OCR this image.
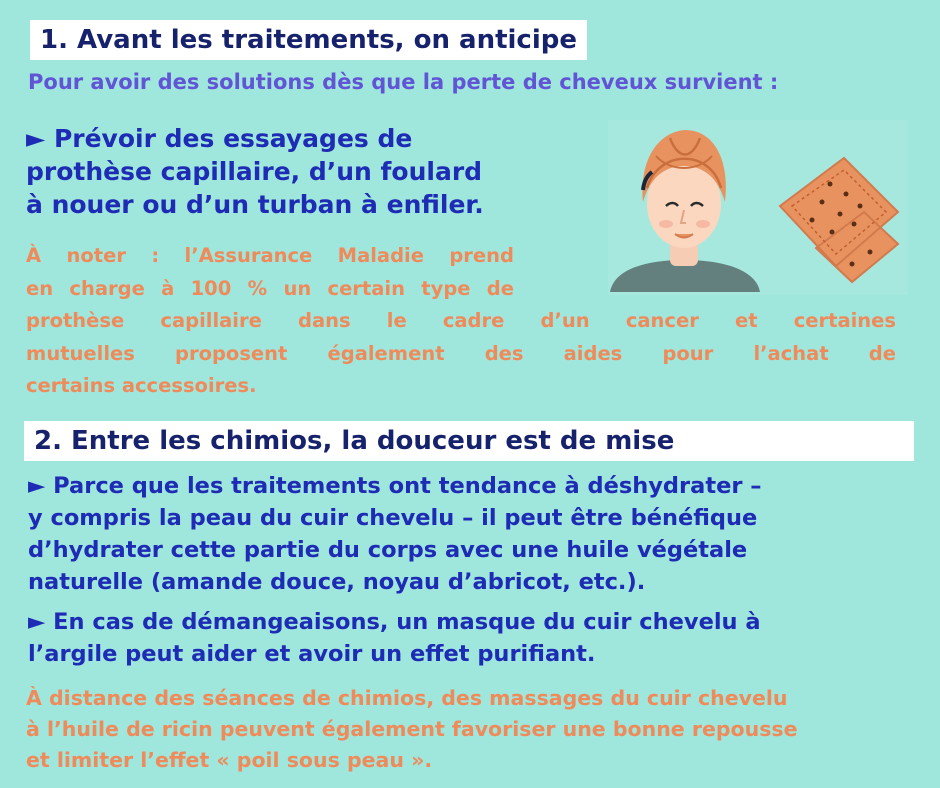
1. Avant les traitements, on anticipe
Pour avoir des solutions dès que la perte de cheveux survient :
► Prévoir des essayages de
prothèse capillaire, d’un foulard
à nouer ou d’un turban à enfiler.
À noter : l’Assurance Maladie prend
en charge à 100 % un certain type de
prothèse capillaire dans le cadre d’un cancer et certaines
mutuelles proposent également des aides pour l’achat de
certains accessoires.
2. Entre les chimios, la douceur est de mise
► Parce que les traitements ont tendance à déshydrater –
y compris la peau du cuir chevelu – il peut être bénéfique
d’hydrater cette partie du corps avec une huile végétale
naturelle (amande douce, noyau d’abricot, etc.).
► En cas de démangeaisons, un masque du cuir chevelu à
l’argile peut aider et avoir un effet purifiant.
À distance des séances de chimios, des massages du cuir chevelu
à l’huile de ricin peuvent également favoriser une bonne repousse
et limiter l’effet « poil sous peau ».
